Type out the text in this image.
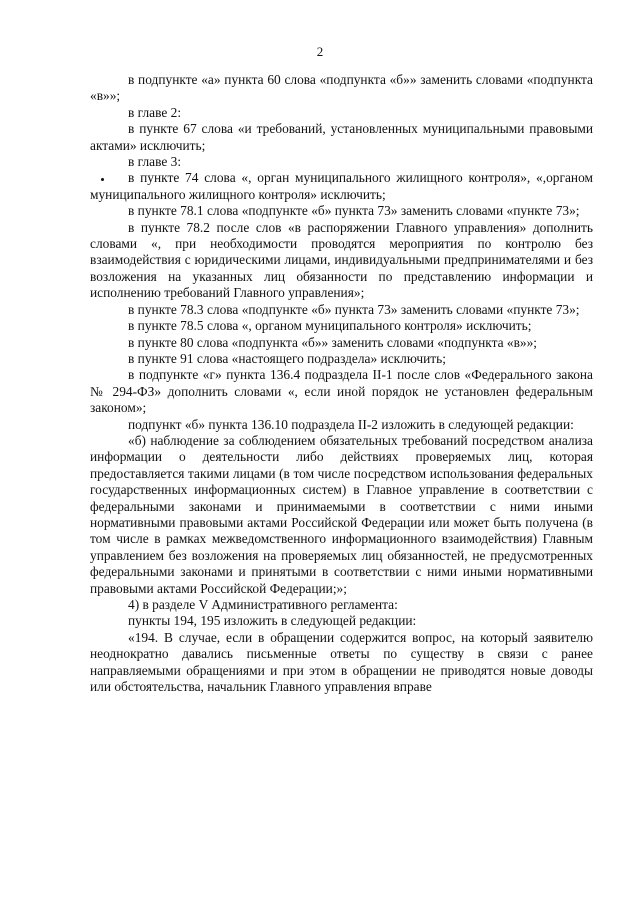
2

в подпункте «а» пункта 60 слова «подпункта «б»» заменить словами «подпункта «в»»;

в главе 2:

в пункте 67 слова «и требований, установленных муниципальными правовыми актами» исключить;

в главе 3:

в пункте 74 слова «, орган муниципального жилищного контроля», «,органом муниципального жилищного контроля» исключить;

в пункте 78.1 слова «подпункте «б» пункта 73» заменить словами «пункте 73»;

в пункте 78.2 после слов «в распоряжении Главного управления» дополнить словами «, при необходимости проводятся мероприятия по контролю без взаимодействия с юридическими лицами, индивидуальными предпринимателями и без возложения на указанных лиц обязанности по представлению информации и исполнению требований Главного управления»;

в пункте 78.3 слова «подпункте «б» пункта 73» заменить словами «пункте 73»;

в пункте 78.5 слова «, органом муниципального контроля» исключить;

в пункте 80 слова «подпункта «б»» заменить словами «подпункта «в»»;

в пункте 91 слова «настоящего подраздела» исключить;

в подпункте «г» пункта 136.4 подраздела II-1 после слов «Федерального закона № 294-ФЗ» дополнить словами «, если иной порядок не установлен федеральным законом»;

подпункт «б» пункта 136.10 подраздела II-2 изложить в следующей редакции:

«б) наблюдение за соблюдением обязательных требований посредством анализа информации о деятельности либо действиях проверяемых лиц, которая предоставляется такими лицами (в том числе посредством использования федеральных государственных информационных систем) в Главное управление в соответствии с федеральными законами и принимаемыми в соответствии с ними иными нормативными правовыми актами Российской Федерации или может быть получена (в том числе в рамках межведомственного информационного взаимодействия) Главным управлением без возложения на проверяемых лиц обязанностей, не предусмотренных федеральными законами и принятыми в соответствии с ними иными нормативными правовыми актами Российской Федерации;»;

4) в разделе V Административного регламента:

пункты 194, 195 изложить в следующей редакции:

«194. В случае, если в обращении содержится вопрос, на который заявителю неоднократно давались письменные ответы по существу в связи с ранее направляемыми обращениями и при этом в обращении не приводятся новые доводы или обстоятельства, начальник Главного управления вправе
